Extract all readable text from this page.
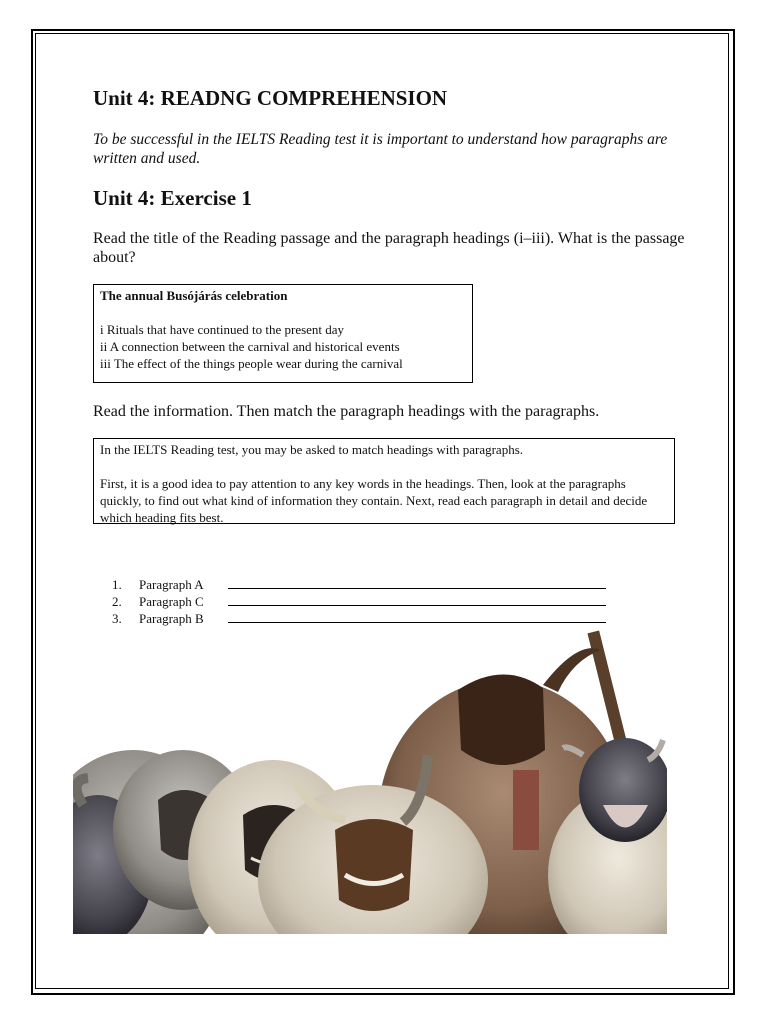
Unit 4: READNG COMPREHENSION

To be successful in the IELTS Reading test it is important to understand how paragraphs are written and used.

Unit 4: Exercise 1

Read the title of the Reading passage and the paragraph headings (i–iii). What is the passage about?

The annual Busójárás celebration
i Rituals that have continued to the present day
ii A connection between the carnival and historical events
iii The effect of the things people wear during the carnival

Read the information. Then match the paragraph headings with the paragraphs.

In the IELTS Reading test, you may be asked to match headings with paragraphs.

First, it is a good idea to pay attention to any key words in the headings. Then, look at the paragraphs quickly, to find out what kind of information they contain. Next, read each paragraph in detail and decide which heading fits best.

1.	Paragraph A
2.	Paragraph C
3.	Paragraph B
